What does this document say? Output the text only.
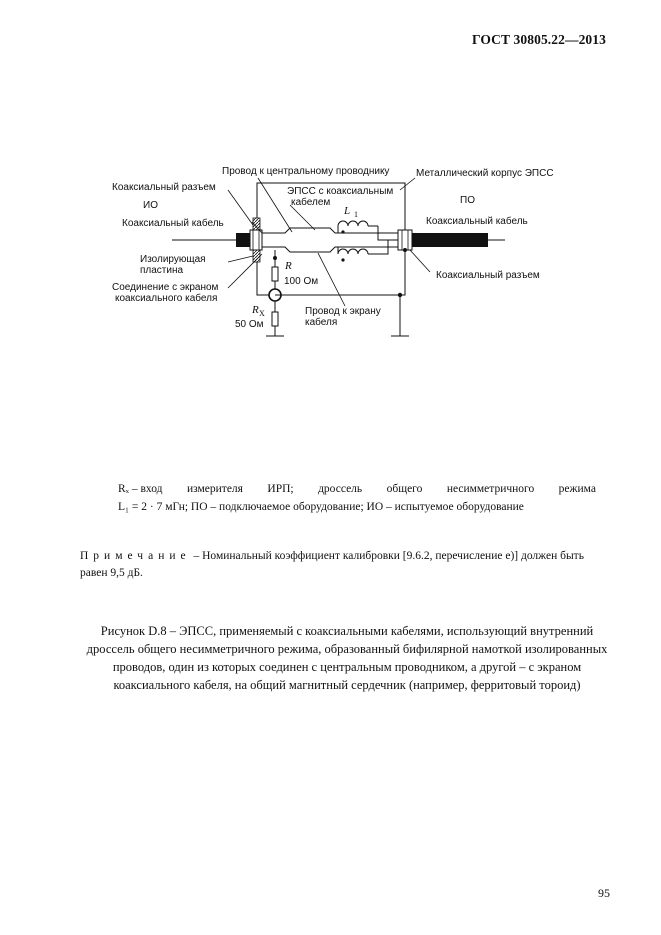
ГОСТ 30805.22—2013
Провод к центральному проводнику	Металлический корпус ЭПСС
Коаксиальный разъем
ИО
ЭПСС с коаксиальным
кабелем	ПО
L 1
Коаксиальный кабель	Коаксиальный кабель
Изолирующая
пластина	R
100 Ом
Коаксиальный разъем
Соединение с экраном
коаксиального кабеля
R X
50 Ом
Провод к экрану
кабеля
Rₓ – вход измерителя ИРП; дроссель общего несимметричного режима
L₁ = 2 · 7 мГн; ПО – подключаемое оборудование; ИО – испытуемое оборудование
Примечание – Номинальный коэффициент калибровки [9.6.2, перечисление е)] должен быть равен 9,5 дБ.
Рисунок D.8 – ЭПСС, применяемый с коаксиальными кабелями, использующий внутренний дроссель общего несимметричного режима, образованный бифилярной намоткой изолированных проводов, один из которых соединен с центральным проводником, а другой – с экраном коаксиального кабеля, на общий магнитный сердечник (например, ферритовый тороид)
95
